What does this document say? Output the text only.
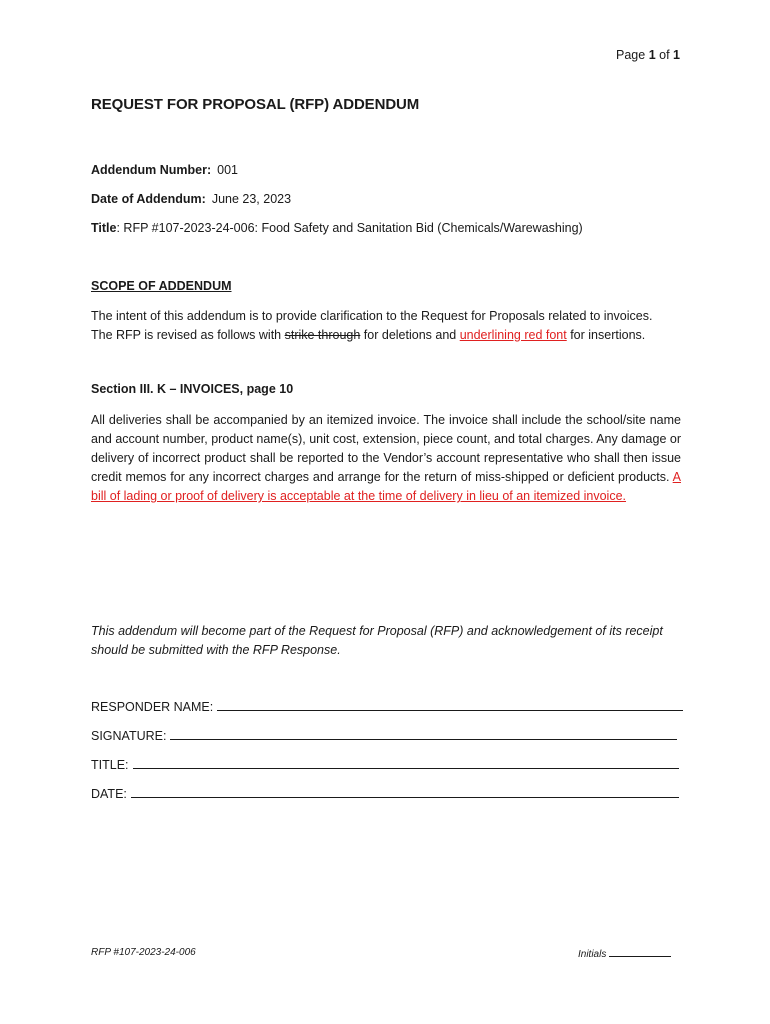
Page 1 of 1
REQUEST FOR PROPOSAL (RFP) ADDENDUM
Addendum Number: 001
Date of Addendum: June 23, 2023
Title: RFP #107-2023-24-006: Food Safety and Sanitation Bid (Chemicals/Warewashing)
SCOPE OF ADDENDUM
The intent of this addendum is to provide clarification to the Request for Proposals related to invoices.
The RFP is revised as follows with strike through for deletions and underlining red font for insertions.
Section III. K – INVOICES, page 10
All deliveries shall be accompanied by an itemized invoice. The invoice shall include the school/site name and account number, product name(s), unit cost, extension, piece count, and total charges. Any damage or delivery of incorrect product shall be reported to the Vendor’s account representative who shall then issue credit memos for any incorrect charges and arrange for the return of miss-shipped or deficient products. A bill of lading or proof of delivery is acceptable at the time of delivery in lieu of an itemized invoice.
This addendum will become part of the Request for Proposal (RFP) and acknowledgement of its receipt should be submitted with the RFP Response.
RESPONDER NAME:
SIGNATURE:
TITLE:
DATE:
RFP #107-2023-24-006	Initials
